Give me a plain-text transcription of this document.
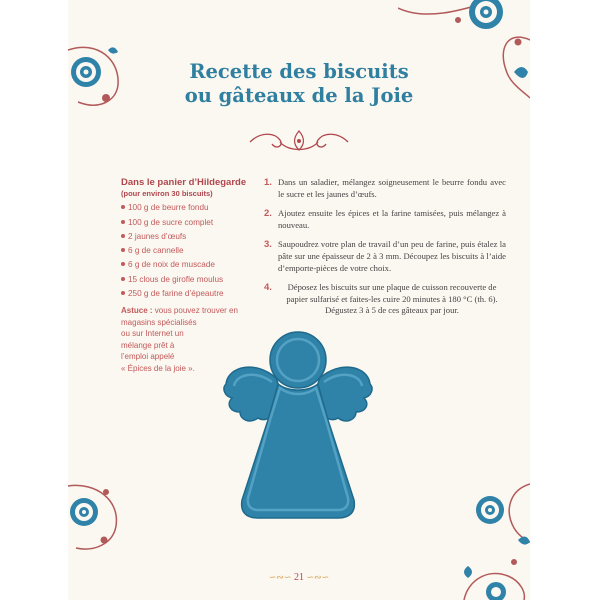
Recette des biscuits
ou gâteaux de la Joie
Dans le panier d’Hildegarde
(pour environ 30 biscuits)
100 g de beurre fondu
100 g de sucre complet
2 jaunes d’œufs
6 g de cannelle
6 g de noix de muscade
15 clous de girofle moulus
250 g de farine d’épeautre
Astuce : vous pouvez trouver en
magasins spécialisés
ou sur Internet un
mélange prêt à
l’emploi appelé
« Épices de la joie ».
1. Dans un saladier, mélangez soigneusement le beurre fondu avec le sucre et les jaunes d’œufs.
2. Ajoutez ensuite les épices et la farine tamisées, puis mélangez à nouveau.
3. Saupoudrez votre plan de travail d’un peu de farine, puis étalez la pâte sur une épaisseur de 2 à 3 mm. Découpez les biscuits à l’aide d’emporte-pièces de votre choix.
4. Déposez les biscuits sur une plaque de cuisson recouverte de papier sulfarisé et faites-les cuire 20 minutes à 180 °C (th. 6). Dégustez 3 à 5 de ces gâteaux par jour.
∽∾∽ 21 ∽∾∽
